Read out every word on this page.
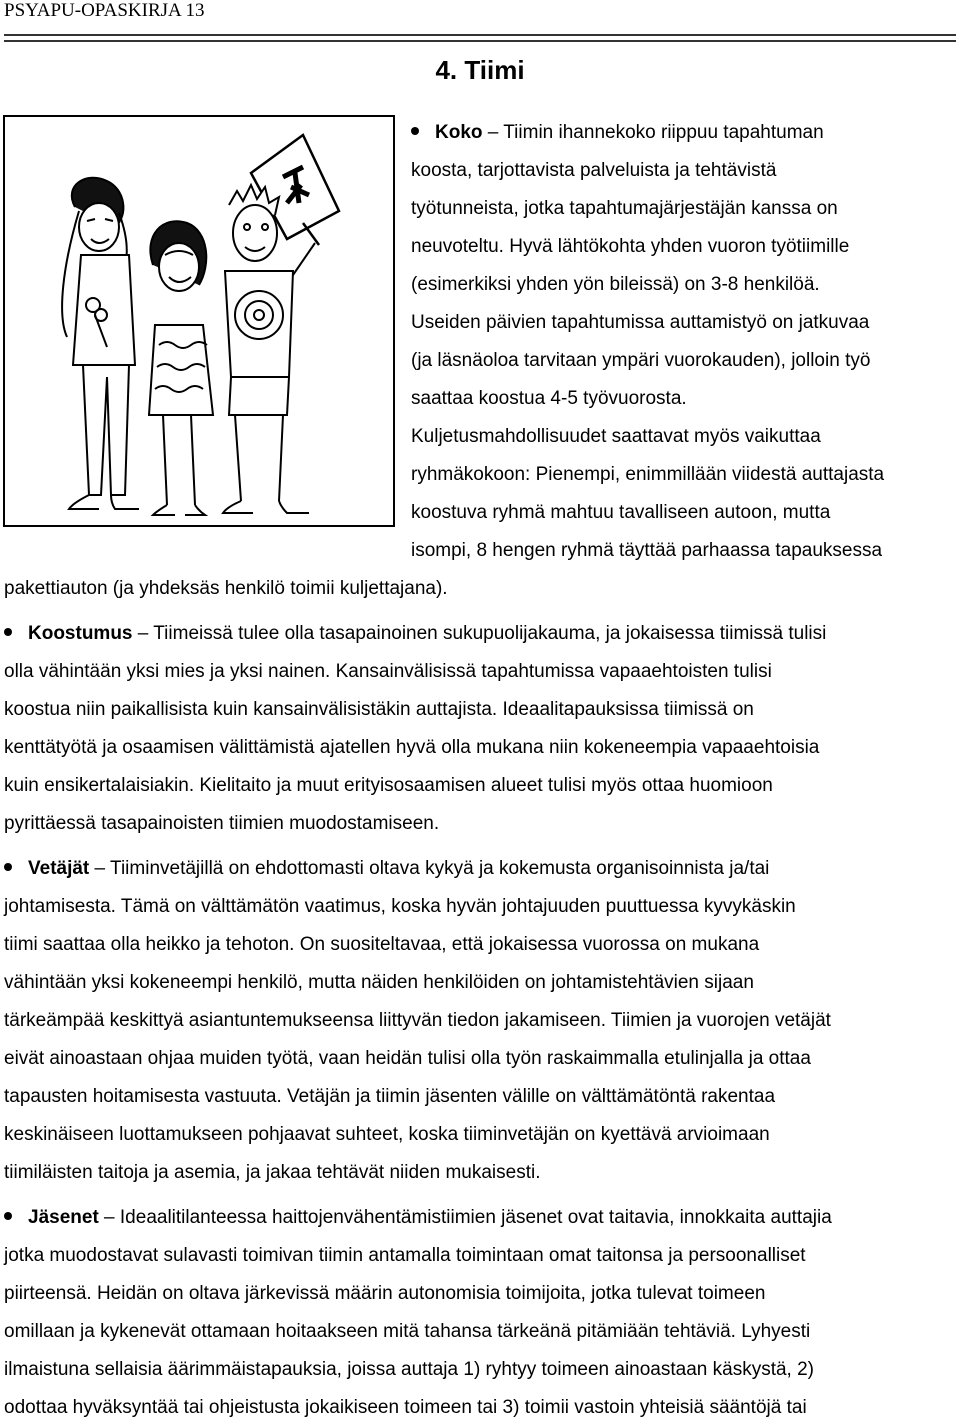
PSYAPU-OPASKIRJA 13
4. Tiimi
Koko – Tiimin ihannekoko riippuu tapahtuman
koosta, tarjottavista palveluista ja tehtävistä
työtunneista, jotka tapahtumajärjestäjän kanssa on
neuvoteltu. Hyvä lähtökohta yhden vuoron työtiimille
(esimerkiksi yhden yön bileissä) on 3-8 henkilöä.
Useiden päivien tapahtumissa auttamistyö on jatkuvaa
(ja läsnäoloa tarvitaan ympäri vuorokauden), jolloin työ
saattaa koostua 4-5 työvuorosta.
Kuljetusmahdollisuudet saattavat myös vaikuttaa
ryhmäkokoon: Pienempi, enimmillään viidestä auttajasta
koostuva ryhmä mahtuu tavalliseen autoon, mutta
isompi, 8 hengen ryhmä täyttää parhaassa tapauksessa
pakettiauton (ja yhdeksäs henkilö toimii kuljettajana).
Koostumus – Tiimeissä tulee olla tasapainoinen sukupuolijakauma, ja jokaisessa tiimissä tulisi
olla vähintään yksi mies ja yksi nainen. Kansainvälisissä tapahtumissa vapaaehtoisten tulisi
koostua niin paikallisista kuin kansainvälisistäkin auttajista. Ideaalitapauksissa tiimissä on
kenttätyötä ja osaamisen välittämistä ajatellen hyvä olla mukana niin kokeneempia vapaaehtoisia
kuin ensikertalaisiakin. Kielitaito ja muut erityisosaamisen alueet tulisi myös ottaa huomioon
pyrittäessä tasapainoisten tiimien muodostamiseen.
Vetäjät – Tiiminvetäjillä on ehdottomasti oltava kykyä ja kokemusta organisoinnista ja/tai
johtamisesta. Tämä on välttämätön vaatimus, koska hyvän johtajuuden puuttuessa kyvykäskin
tiimi saattaa olla heikko ja tehoton. On suositeltavaa, että jokaisessa vuorossa on mukana
vähintään yksi kokeneempi henkilö, mutta näiden henkilöiden on johtamistehtävien sijaan
tärkeämpää keskittyä asiantuntemukseensa liittyvän tiedon jakamiseen. Tiimien ja vuorojen vetäjät
eivät ainoastaan ohjaa muiden työtä, vaan heidän tulisi olla työn raskaimmalla etulinjalla ja ottaa
tapausten hoitamisesta vastuuta. Vetäjän ja tiimin jäsenten välille on välttämätöntä rakentaa
keskinäiseen luottamukseen pohjaavat suhteet, koska tiiminvetäjän on kyettävä arvioimaan
tiimiläisten taitoja ja asemia, ja jakaa tehtävät niiden mukaisesti.
Jäsenet – Ideaalitilanteessa haittojenvähentämistiimien jäsenet ovat taitavia, innokkaita auttajia
jotka muodostavat sulavasti toimivan tiimin antamalla toimintaan omat taitonsa ja persoonalliset
piirteensä. Heidän on oltava järkevissä määrin autonomisia toimijoita, jotka tulevat toimeen
omillaan ja kykenevät ottamaan hoitaakseen mitä tahansa tärkeänä pitämiään tehtäviä. Lyhyesti
ilmaistuna sellaisia äärimmäistapauksia, joissa auttaja 1) ryhtyy toimeen ainoastaan käskystä, 2)
odottaa hyväksyntää tai ohjeistusta jokaikiseen toimeen tai 3) toimii vastoin yhteisiä sääntöjä tai
